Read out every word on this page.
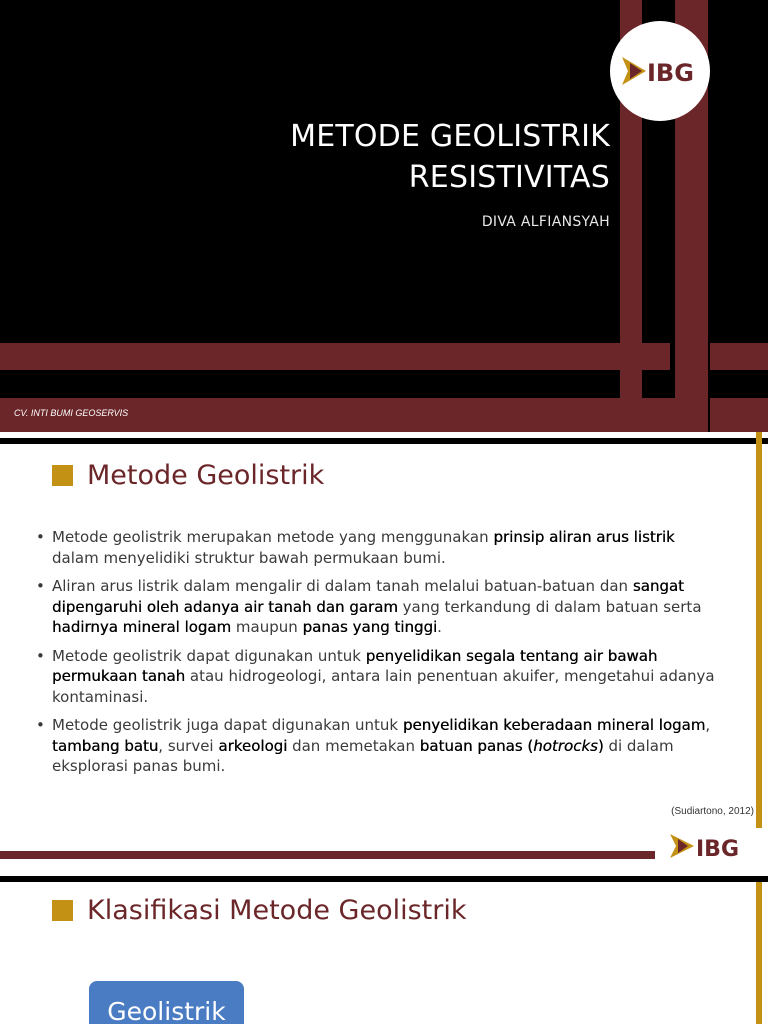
IBG
METODE GEOLISTRIK
RESISTIVITAS
DIVA ALFIANSYAH
CV. INTI BUMI GEOSERVIS
Metode Geolistrik
• Metode geolistrik merupakan metode yang menggunakan prinsip aliran arus listrik dalam menyelidiki struktur bawah permukaan bumi.
• Aliran arus listrik dalam mengalir di dalam tanah melalui batuan-batuan dan sangat dipengaruhi oleh adanya air tanah dan garam yang terkandung di dalam batuan serta hadirnya mineral logam maupun panas yang tinggi.
• Metode geolistrik dapat digunakan untuk penyelidikan segala tentang air bawah permukaan tanah atau hidrogeologi, antara lain penentuan akuifer, mengetahui adanya kontaminasi.
• Metode geolistrik juga dapat digunakan untuk penyelidikan keberadaan mineral logam, tambang batu, survei arkeologi dan memetakan batuan panas (hotrocks) di dalam eksplorasi panas bumi.
(Sudiartono, 2012)
IBG
Klasifikasi Metode Geolistrik
Geolistrik
